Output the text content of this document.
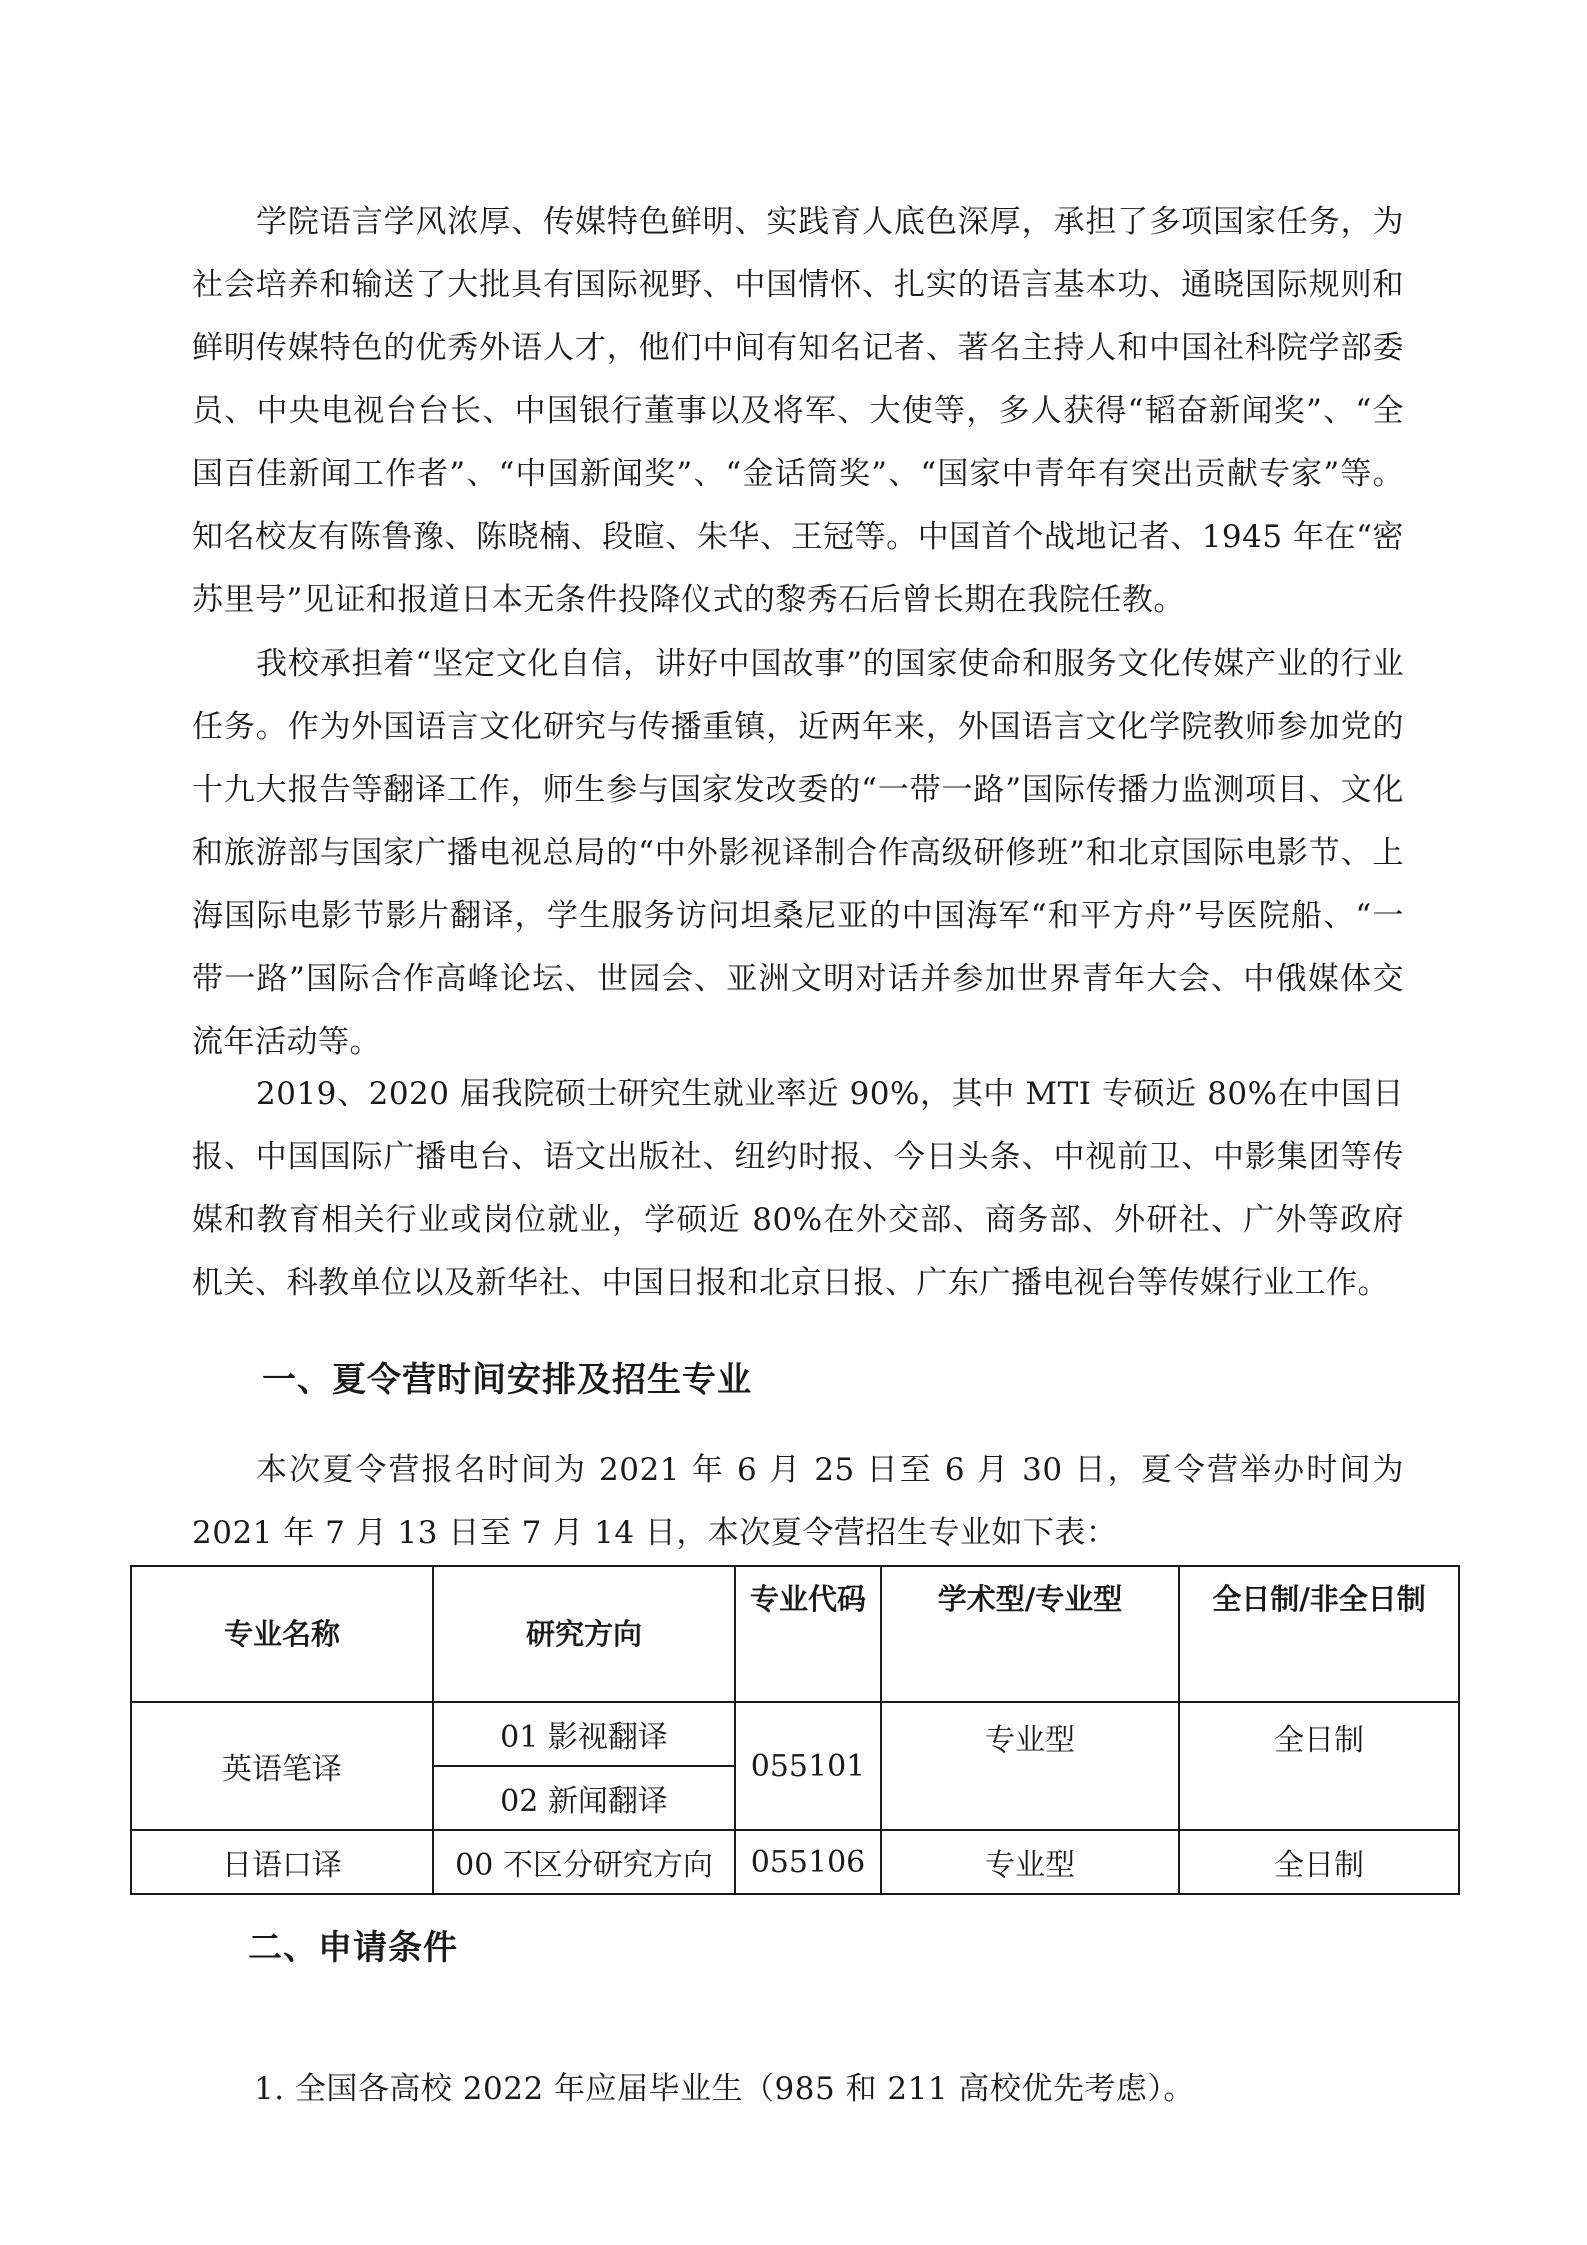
学院语言学风浓厚、传媒特色鲜明、实践育人底色深厚，承担了多项国家任务，为社会培养和输送了大批具有国际视野、中国情怀、扎实的语言基本功、通晓国际规则和鲜明传媒特色的优秀外语人才，他们中间有知名记者、著名主持人和中国社科院学部委员、中央电视台台长、中国银行董事以及将军、大使等，多人获得“韬奋新闻奖”、“全国百佳新闻工作者”、“中国新闻奖”、“金话筒奖”、“国家中青年有突出贡献专家”等。知名校友有陈鲁豫、陈晓楠、段暄、朱华、王冠等。中国首个战地记者、1945 年在“密苏里号”见证和报道日本无条件投降仪式的黎秀石后曾长期在我院任教。

我校承担着“坚定文化自信，讲好中国故事”的国家使命和服务文化传媒产业的行业任务。作为外国语言文化研究与传播重镇，近两年来，外国语言文化学院教师参加党的十九大报告等翻译工作，师生参与国家发改委的“一带一路”国际传播力监测项目、文化和旅游部与国家广播电视总局的“中外影视译制合作高级研修班”和北京国际电影节、上海国际电影节影片翻译，学生服务访问坦桑尼亚的中国海军“和平方舟”号医院船、“一带一路”国际合作高峰论坛、世园会、亚洲文明对话并参加世界青年大会、中俄媒体交流年活动等。

2019、2020 届我院硕士研究生就业率近 90%，其中 MTI 专硕近 80%在中国日报、中国国际广播电台、语文出版社、纽约时报、今日头条、中视前卫、中影集团等传媒和教育相关行业或岗位就业，学硕近 80%在外交部、商务部、外研社、广外等政府机关、科教单位以及新华社、中国日报和北京日报、广东广播电视台等传媒行业工作。

一、夏令营时间安排及招生专业

本次夏令营报名时间为 2021 年 6 月 25 日至 6 月 30 日，夏令营举办时间为 2021 年 7 月 13 日至 7 月 14 日，本次夏令营招生专业如下表：

专业名称	研究方向	专业代码	学术型/专业型	全日制/非全日制
英语笔译	01 影视翻译	055101	专业型	全日制
	02 新闻翻译			
日语口译	00 不区分研究方向	055106	专业型	全日制
二、申请条件

1. 全国各高校 2022 年应届毕业生（985 和 211 高校优先考虑）。
